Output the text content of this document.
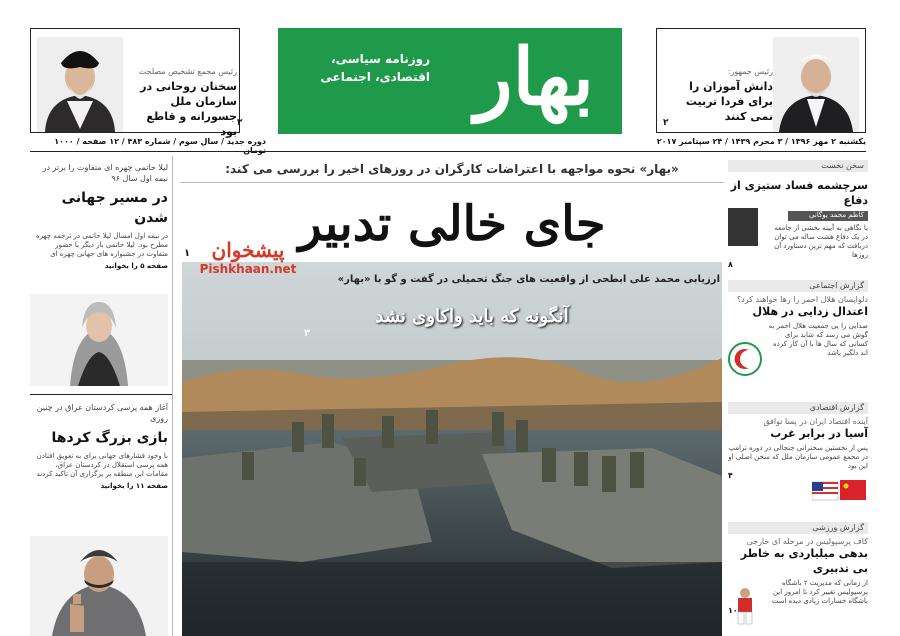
رئیس مجمع تشخیص مصلحت
سخنان روحانی در سازمان ملل جسورانه و قاطع بود
۲	بهار
روزنامه سیاسی، اقتصادی، اجتماعی	رئیس جمهور:
دانش آموزان را برای فردا تربیت نمی کنند
۲
دوره جدید / سال سوم / شماره ۴۸۳ / ۱۲ صفحه / ۱۰۰۰	یکشنبه ۲ مهر ۱۳۹۶ / ۳ محرم ۱۴۳۹ / ۲۴ سپتامبر ۲۰۱۷
لیلا حاتمی چهره ای متفاوت را برتر در نیمه اول سال ۹۶
در مسیر جهانی شدن
در نیمه اول امسال لیلا حاتمی در ترجمه چهره مطرح بود. لیلا حاتمی بار دیگر با حضور متفاوت در جشنواره های جهانی چهره ای
صفحه ۵ را بخوانید
آغاز همه پرسی کردستان عراق در چنین روزی
بازی بزرگ کردها
با وجود فشارهای جهانی برای به تعویق افتادن همه پرسی استقلال در کردستان عراق، مقامات این منطقه بر برگزاری آن تاکید کردند
صفحه ۱۱ را بخوانید
«بهار» نحوه مواجهه با اعتراضات کارگران در روزهای اخیر را بررسی می کند:
جای خالی تدبیر
۱
آنگونه که باید واکاوی نشد
۳
ارزیابی محمد علی ابطحی از واقعیت های جنگ تحمیلی در گفت و گو با «بهار»
پیشخوان
Pishkhaan.net
سخن نخست
سرچشمه فساد ستیزی از دفاع
کاظم محمد یوگانی
یا نگاهی به آیینه بخشی از جامعه در یک دفاع هشت ساله می توان دریافت که مهم ترین دستاورد آن روزها
۸
گزارش اجتماعی
دلواپسان هلال احمر را رها خواهند کرد؟
اعتدال زدایی در هلال
صدایی را یی جمعیت هلال احمر به گوش می رسد که شاید برای کسانی که سال ها با آن کار کرده اند دلگیر باشد
گزارش اقتصادی
آینده اقتصاد ایران در پسا توافق
آسیا در برابر غرب
پس از نخستین سخنرانی جنجالی در دوره ترامپ در مجمع عمومی سازمان ملل که سخن اصلی او این بود
۴
گزارش ورزشی
کاف پرسپولیس در مرحله ای خارجی
بدهی میلیاردی به خاطر بی تدبیری
از زمانی که مدیریت ۲ باشگاه پرسپولیس تغییر کرد تا امروز این باشگاه خسارات زیادی دیده است
۱۰
